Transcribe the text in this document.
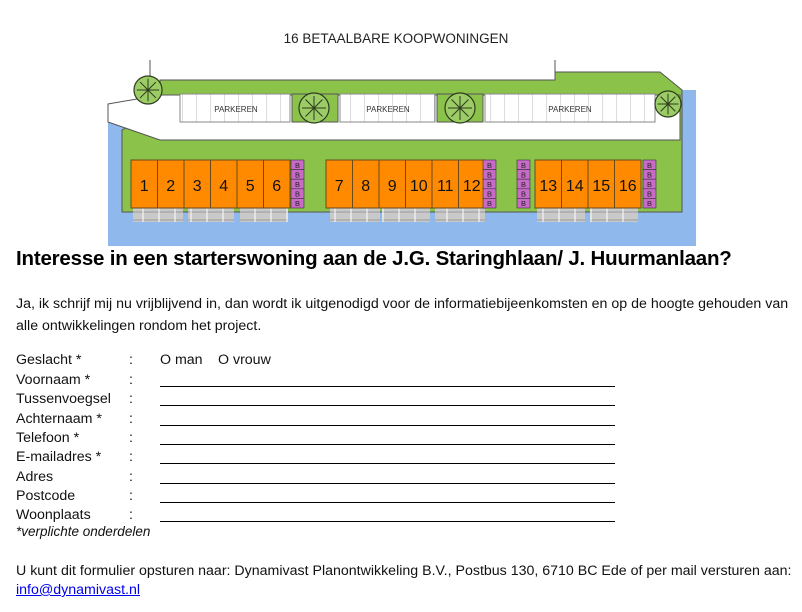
16 BETAALBARE KOOPWONINGEN
PARKEREN	PARKEREN	PARKEREN
1 2 3 4 5 6	7 8 9 10 11 12	13 14 15 16
B
B
B
B
B
B
B
B
B
B
B
B
B
B
B
B
B
B
B
B
Interesse in een starterswoning aan de J.G. Staringhlaan/ J. Huurmanlaan?

Ja, ik schrijf mij nu vrijblijvend in, dan wordt ik uitgenodigd voor de informatiebijeenkomsten en op de hoogte gehouden van alle ontwikkelingen rondom het project.

Geslacht *	: O man O vrouw
Voornaam *	:
Tussenvoegsel :
Achternaam * :
Telefoon *	:
E-mailadres * :
Adres	:
Postcode	:
Woonplaats	:
*verplichte onderdelen
U kunt dit formulier opsturen naar: Dynamivast Planontwikkeling B.V., Postbus 130, 6710 BC Ede of per mail versturen aan:
info@dynamivast.nl
